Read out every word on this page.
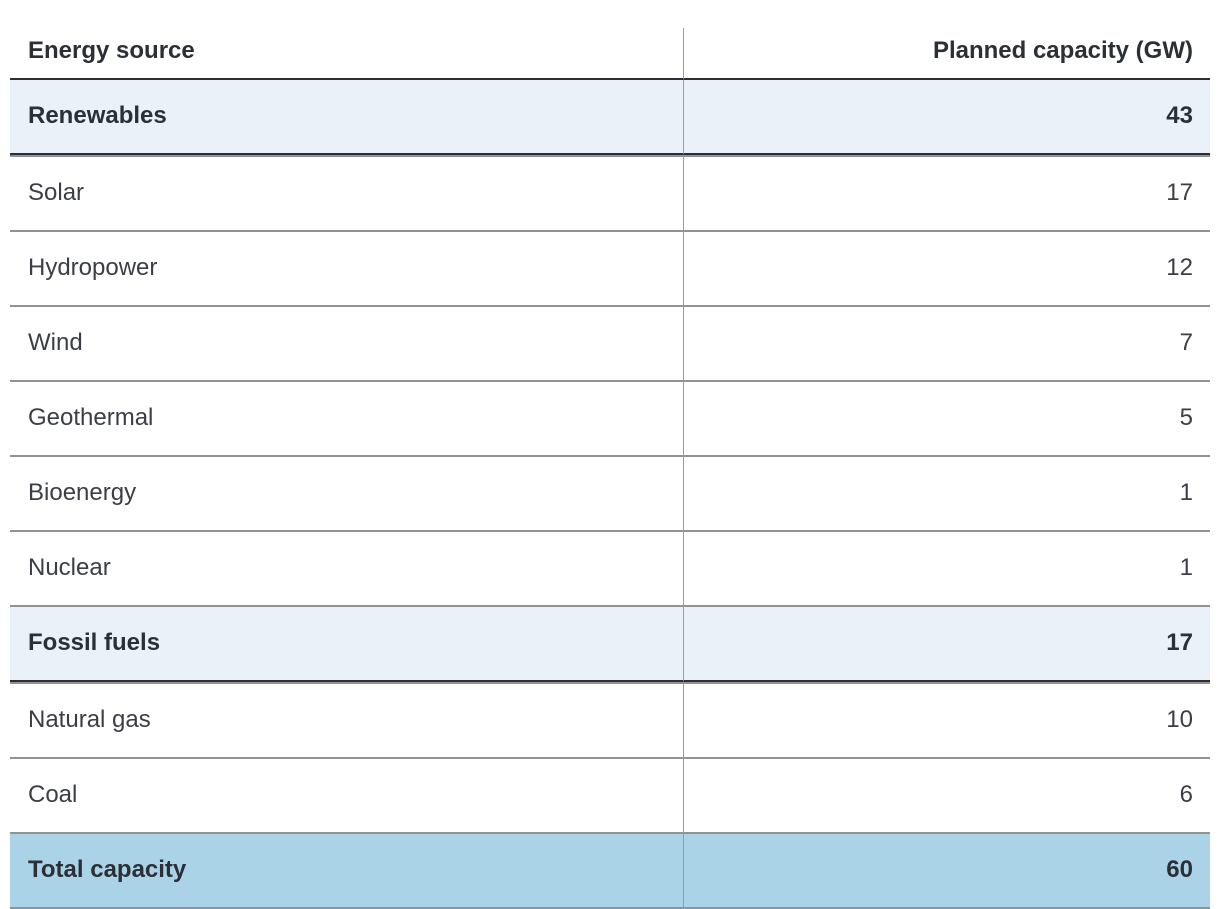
Energy source	Planned capacity (GW)
Renewables	43
Solar	17
Hydropower	12
Wind	7
Geothermal	5
Bioenergy	1
Nuclear	1
Fossil fuels	17
Natural gas	10
Coal	6
Total capacity	60
